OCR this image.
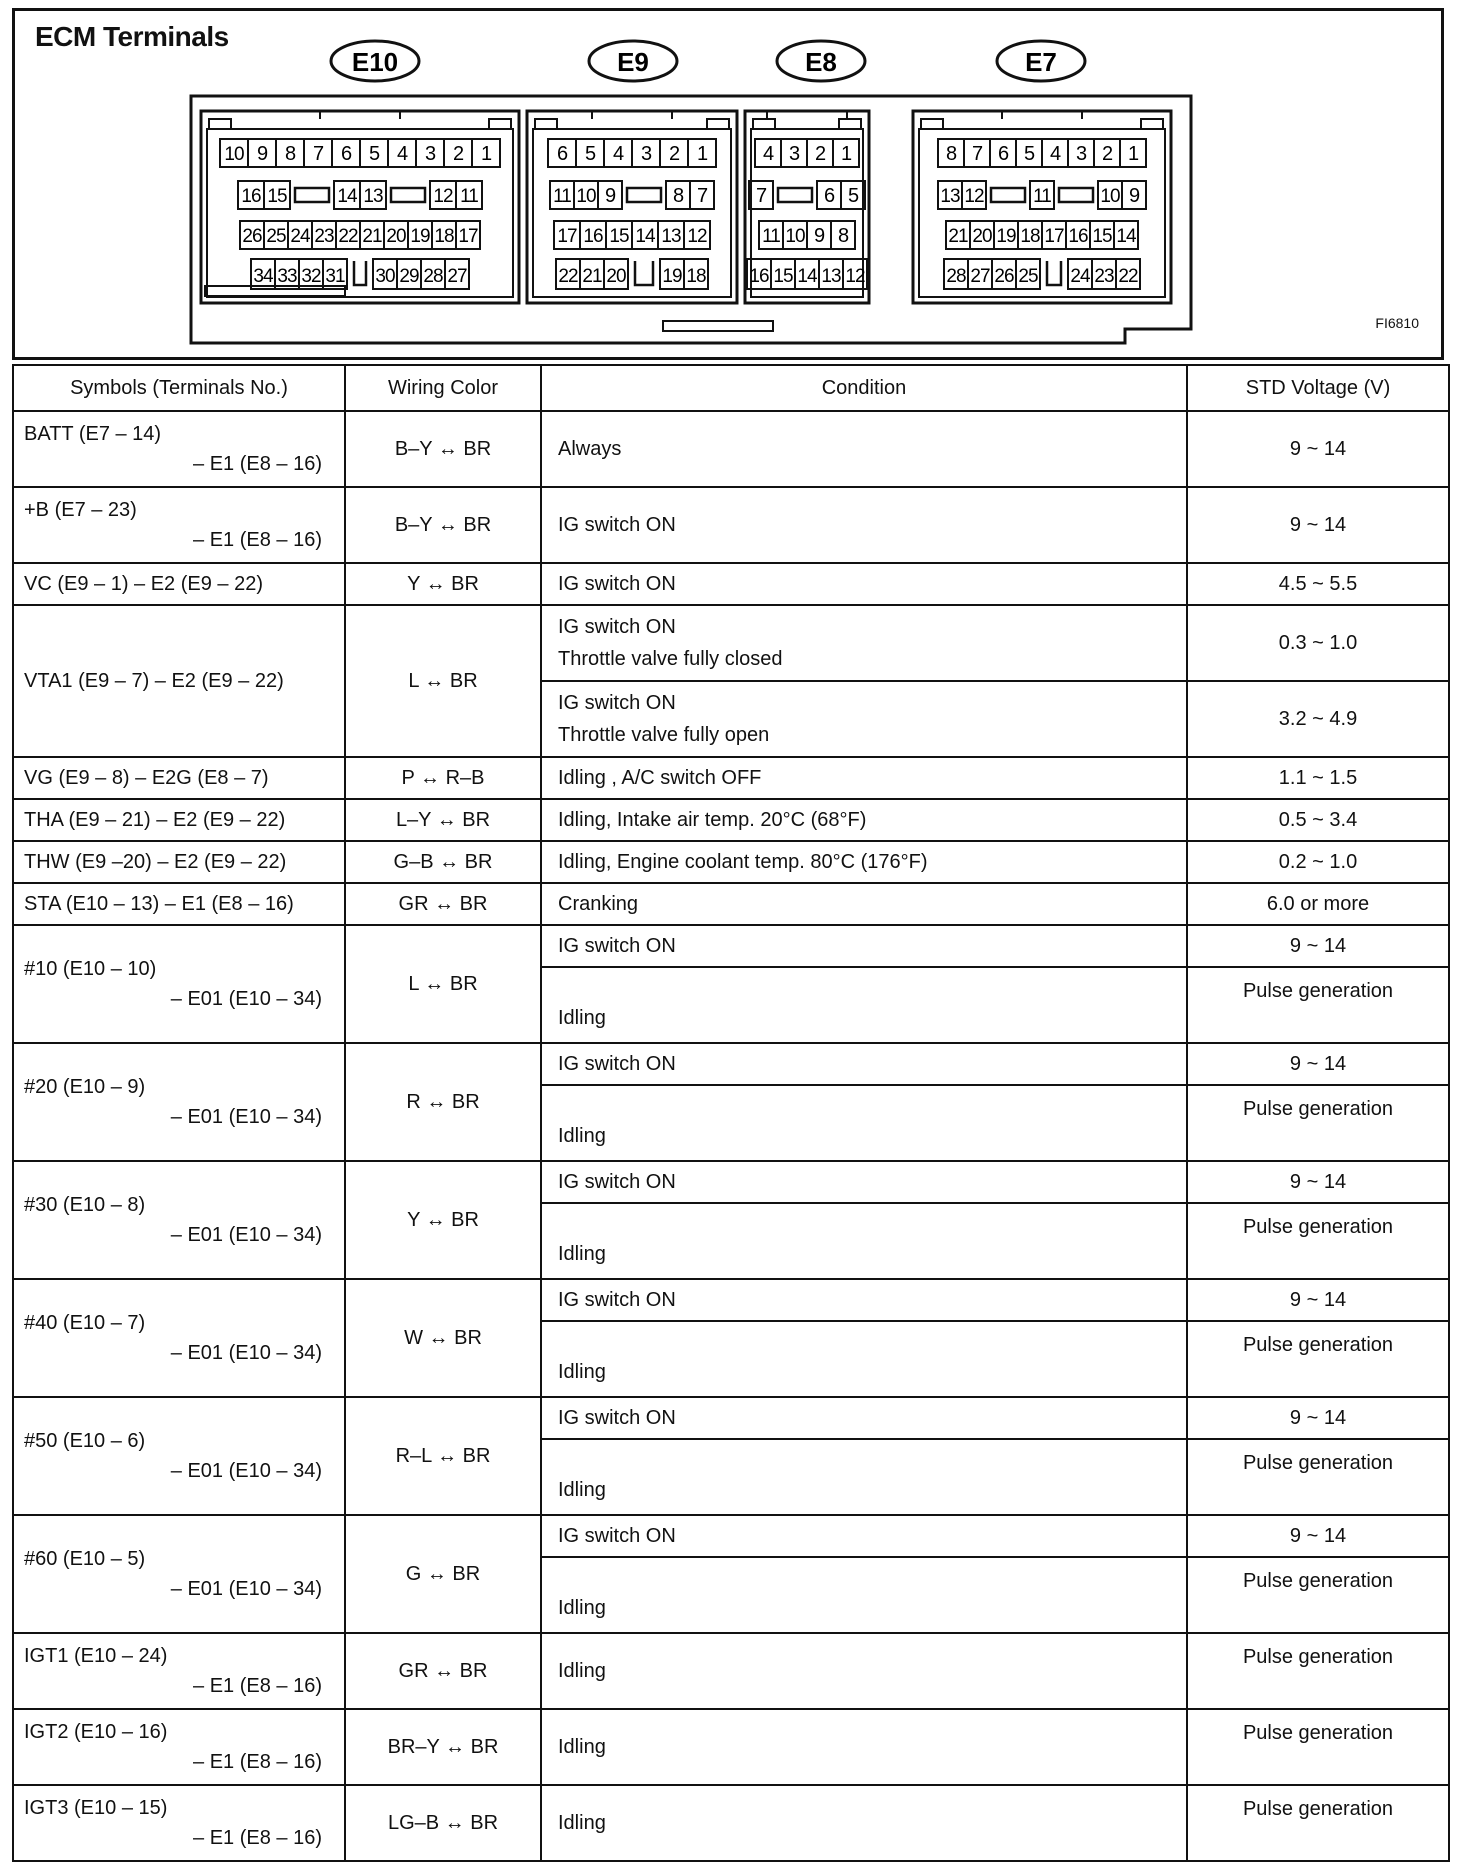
ECM Terminals
E10
10 9 8 7 6 5 4 3 2 1
16 15	14 13	12 11
26 25 24 23 22 21 20 19 18 17
34 33 32 31 30 29 28 27
E9
6 5 4 3 2 1
11 10 9	8 7
17 16 15 14 13 12
22 21 20 19 18
E8
4 3 2 1
7	6 5
11 10 9 8
16 15 14 13 12
E7
8 7 6 5 4 3 2 1
13 12	11	10 9
21 20 19 18 17 16 15 14
28 27 26 25 24 23 22
FI6810
Symbols (Terminals No.)	Wiring Color	Condition	STD Voltage (V)
BATT (E7 – 14)
– E1 (E8 – 16)	B–Y ↔ BR	Always	9 ~ 14
+B (E7 – 23)
– E1 (E8 – 16)	B–Y ↔ BR	IG switch ON	9 ~ 14
VC (E9 – 1) – E2 (E9 – 22)	Y ↔ BR	IG switch ON	4.5 ~ 5.5
VTA1 (E9 – 7) – E2 (E9 – 22)	L ↔ BR	IG switch ON
Throttle valve fully closed	0.3 ~ 1.0

		IG switch ON
Throttle valve fully open	3.2 ~ 4.9
VG (E9 – 8) – E2G (E8 – 7)	P ↔ R–B	Idling , A/C switch OFF	1.1 ~ 1.5
THA (E9 – 21) – E2 (E9 – 22)	L–Y ↔ BR	Idling, Intake air temp. 20°C (68°F)	0.5 ~ 3.4
THW (E9 –20) – E2 (E9 – 22)	G–B ↔ BR	Idling, Engine coolant temp. 80°C (176°F)	0.2 ~ 1.0
STA (E10 – 13) – E1 (E8 – 16)	GR ↔ BR	Cranking	6.0 or more
#10 (E10 – 10)
– E01 (E10 – 34)	L ↔ BR	IG switch ON	9 ~ 14

		Idling	Pulse generation
#20 (E10 – 9)
– E01 (E10 – 34)	R ↔ BR	IG switch ON	9 ~ 14

		Idling	Pulse generation
#30 (E10 – 8)
– E01 (E10 – 34)	Y ↔ BR	IG switch ON	9 ~ 14

		Idling	Pulse generation
#40 (E10 – 7)
– E01 (E10 – 34)	W ↔ BR	IG switch ON	9 ~ 14

		Idling	Pulse generation
#50 (E10 – 6)
– E01 (E10 – 34)	R–L ↔ BR	IG switch ON	9 ~ 14

		Idling	Pulse generation
#60 (E10 – 5)
– E01 (E10 – 34)	G ↔ BR	IG switch ON	9 ~ 14

		Idling	Pulse generation
IGT1 (E10 – 24)
– E1 (E8 – 16)	GR ↔ BR	Idling	Pulse generation
IGT2 (E10 – 16)
– E1 (E8 – 16)	BR–Y ↔ BR	Idling	Pulse generation
IGT3 (E10 – 15)
– E1 (E8 – 16)	LG–B ↔ BR	Idling	Pulse generation
